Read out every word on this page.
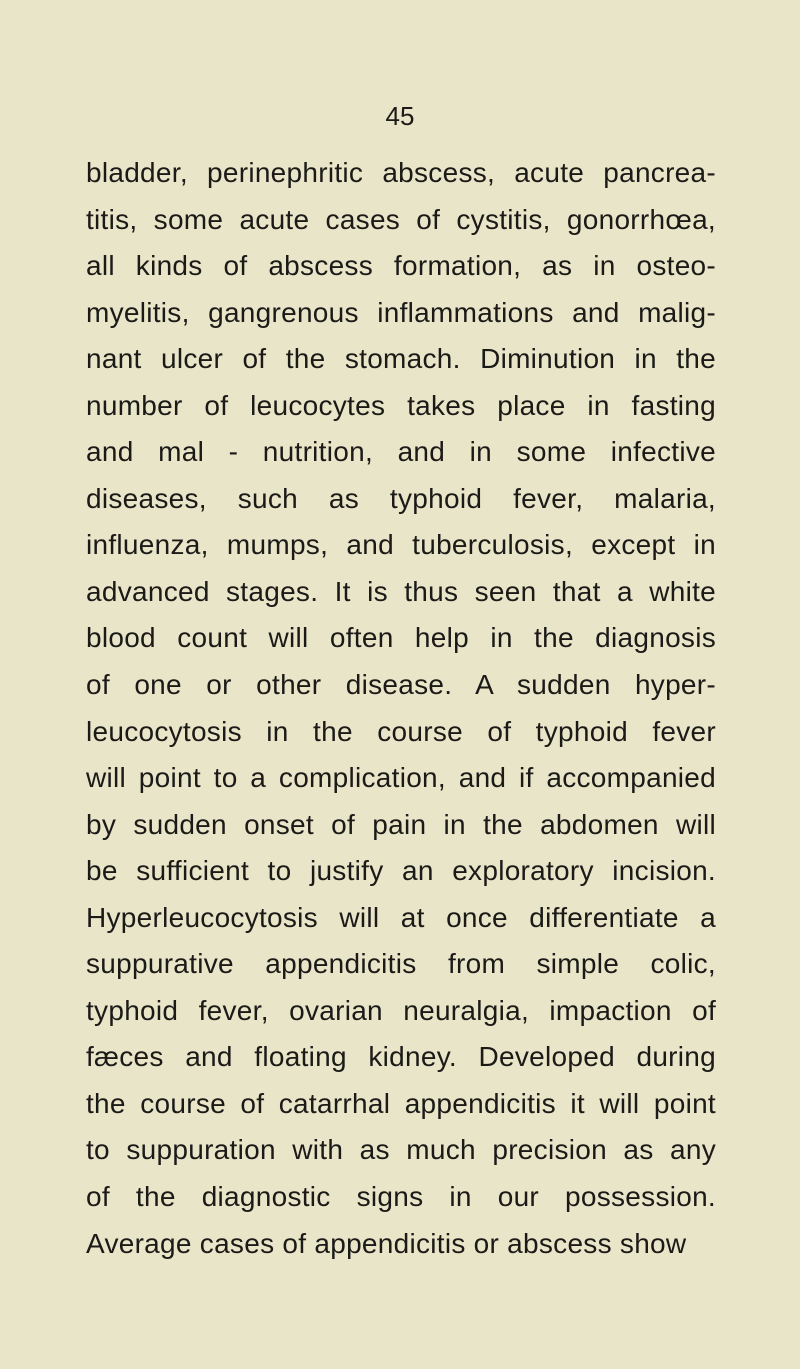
45
bladder, perinephritic abscess, acute pancrea-
titis, some acute cases of cystitis, gonorrhœa,
all kinds of abscess formation, as in osteo-
myelitis, gangrenous inflammations and malig-
nant ulcer of the stomach. Diminution in the
number of leucocytes takes place in fasting
and mal - nutrition, and in some infective
diseases, such as typhoid fever, malaria,
influenza, mumps, and tuberculosis, except in
advanced stages. It is thus seen that a white
blood count will often help in the diagnosis
of one or other disease. A sudden hyper-
leucocytosis in the course of typhoid fever
will point to a complication, and if accompanied
by sudden onset of pain in the abdomen will
be sufficient to justify an exploratory incision.
Hyperleucocytosis will at once differentiate a
suppurative appendicitis from simple colic,
typhoid fever, ovarian neuralgia, impaction of
fæces and floating kidney. Developed during
the course of catarrhal appendicitis it will point
to suppuration with as much precision as any
of the diagnostic signs in our possession.
Average cases of appendicitis or abscess show
